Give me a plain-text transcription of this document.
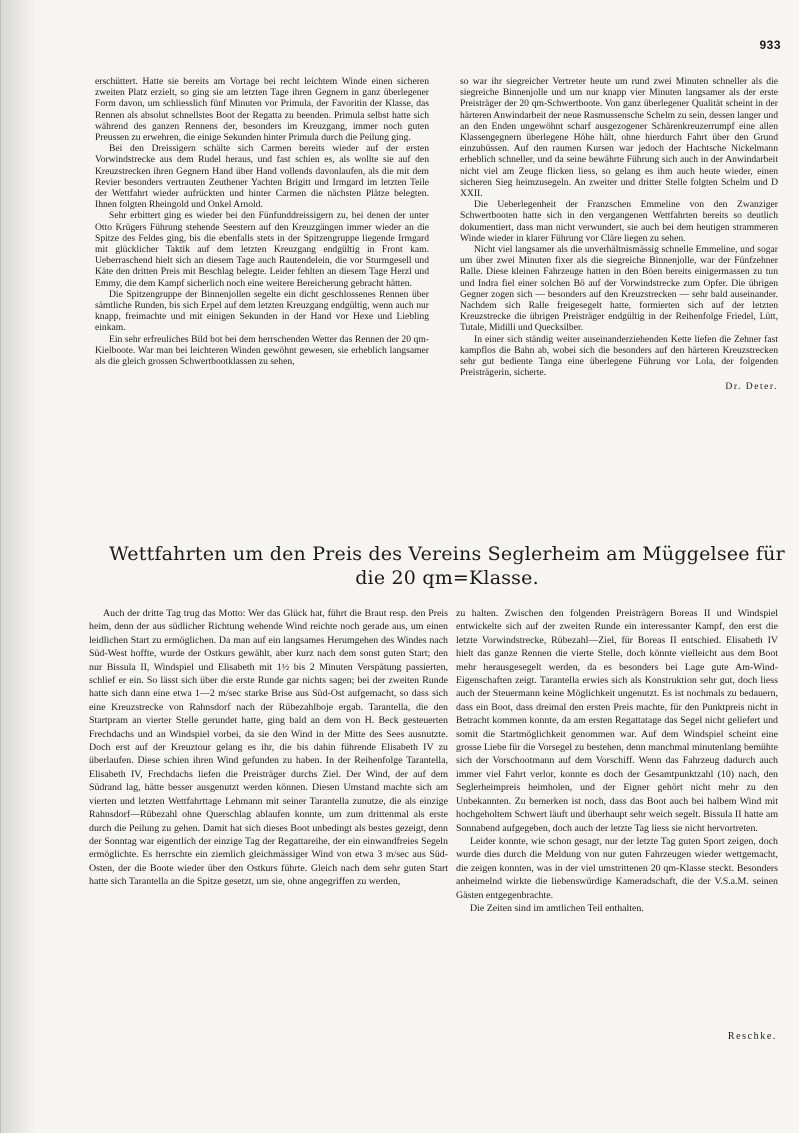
933

erschüttert. Hatte sie bereits am Vortage bei recht leichtem Winde einen sicheren zweiten Platz erzielt, so ging sie am letzten Tage ihren Gegnern in ganz überlegener Form davon, um schliesslich fünf Minuten vor Primula, der Favoritin der Klasse, das Rennen als absolut schnellstes Boot der Regatta zu beenden. Primula selbst hatte sich während des ganzen Rennens der, besonders im Kreuzgang, immer noch guten Preussen zu erwehren, die einige Sekunden hinter Primula durch die Peilung ging.

Bei den Dreissigern schälte sich Carmen bereits wieder auf der ersten Vorwindstrecke aus dem Rudel heraus, und fast schien es, als wollte sie auf den Kreuzstrecken ihren Gegnern Hand über Hand vollends davonlaufen, als die mit dem Revier besonders vertrauten Zeuthener Yachten Brigitt und Irmgard im letzten Teile der Wettfahrt wieder aufrückten und hinter Carmen die nächsten Plätze belegten. Ihnen folgten Rheingold und Onkel Arnold.

Sehr erbittert ging es wieder bei den Fünfunddreissigern zu, bei denen der unter Otto Krügers Führung stehende Seestern auf den Kreuzgängen immer wieder an die Spitze des Feldes ging, bis die ebenfalls stets in der Spitzengruppe liegende Irmgard mit glücklicher Taktik auf dem letzten Kreuzgang endgültig in Front kam. Ueberraschend hielt sich an diesem Tage auch Rautendelein, die vor Sturmgesell und Käte den dritten Preis mit Beschlag belegte. Leider fehlten an diesem Tage Herzl und Emmy, die dem Kampf sicherlich noch eine weitere Bereicherung gebracht hätten.

Die Spitzengruppe der Binnenjollen segelte ein dicht geschlossenes Rennen über sämtliche Runden, bis sich Erpel auf dem letzten Kreuzgang endgültig, wenn auch nur knapp, freimachte und mit einigen Sekunden in der Hand vor Hexe und Liebling einkam.

Ein sehr erfreuliches Bild bot bei dem herrschenden Wetter das Rennen der 20 qm-Kielboote. War man bei leichteren Winden gewöhnt gewesen, sie erheblich langsamer als die gleich grossen Schwertbootklassen zu sehen,

so war ihr siegreicher Vertreter heute um rund zwei Minuten schneller als die siegreiche Binnenjolle und um nur knapp vier Minuten langsamer als der erste Preisträger der 20 qm-Schwertboote. Von ganz überlegener Qualität scheint in der härteren Anwindarbeit der neue Rasmussensche Schelm zu sein, dessen langer und an den Enden ungewöhnt scharf ausgezogener Schärenkreuzerrumpf eine allen Klassengegnern überlegene Höhe hält, ohne hierdurch Fahrt über den Grund einzubüssen. Auf den raumen Kursen war jedoch der Hachtsche Nickelmann erheblich schneller, und da seine bewährte Führung sich auch in der Anwindarbeit nicht viel am Zeuge flicken liess, so gelang es ihm auch heute wieder, einen sicheren Sieg heimzusegeln. An zweiter und dritter Stelle folgten Schelm und D XXII.

Die Ueberlegenheit der Franzschen Emmeline von den Zwanziger Schwertbooten hatte sich in den vergangenen Wettfahrten bereits so deutlich dokumentiert, dass man nicht verwundert, sie auch bei dem heutigen strammeren Winde wieder in klarer Führung vor Cläre liegen zu sehen.

Nicht viel langsamer als die unverhältnismässig schnelle Emmeline, und sogar um über zwei Minuten fixer als die siegreiche Binnenjolle, war der Fünfzehner Ralle. Diese kleinen Fahrzeuge hatten in den Böen bereits einigermassen zu tun und Indra fiel einer solchen Bö auf der Vorwindstrecke zum Opfer. Die übrigen Gegner zogen sich — besonders auf den Kreuzstrecken — sehr bald auseinander. Nachdem sich Ralle freigesegelt hatte, formierten sich auf der letzten Kreuzstrecke die übrigen Preisträger endgültig in der Reihenfolge Friedel, Lütt, Tutale, Midilli und Quecksilber.

In einer sich ständig weiter auseinanderziehenden Kette liefen die Zehner fast kampflos die Bahn ab, wobei sich die besonders auf den härteren Kreuzstrecken sehr gut bediente Tanga eine überlegene Führung vor Lola, der folgenden Preisträgerin, sicherte.

Dr. Deter.
Wettfahrten um den Preis des Vereins Seglerheim am Müggelsee für die 20 qm=Klasse.

Auch der dritte Tag trug das Motto: Wer das Glück hat, führt die Braut resp. den Preis heim, denn der aus südlicher Richtung wehende Wind reichte noch gerade aus, um einen leidlichen Start zu ermöglichen. Da man auf ein langsames Herumgehen des Windes nach Süd-West hoffte, wurde der Ostkurs gewählt, aber kurz nach dem sonst guten Start; den nur Bissula II, Windspiel und Elisabeth mit 1½ bis 2 Minuten Verspätung passierten, schlief er ein. So lässt sich über die erste Runde gar nichts sagen; bei der zweiten Runde hatte sich dann eine etwa 1—2 m/sec starke Brise aus Süd-Ost aufgemacht, so dass sich eine Kreuzstrecke von Rahnsdorf nach der Rübezahlboje ergab. Tarantella, die den Startpram an vierter Stelle gerundet hatte, ging bald an dem von H. Beck gesteuerten Frechdachs und an Windspiel vorbei, da sie den Wind in der Mitte des Sees ausnutzte. Doch erst auf der Kreuztour gelang es ihr, die bis dahin führende Elisabeth IV zu überlaufen. Diese schien ihren Wind gefunden zu haben. In der Reihenfolge Tarantella, Elisabeth IV, Frechdachs liefen die Preisträger durchs Ziel. Der Wind, der auf dem Südrand lag, hätte besser ausgenutzt werden können. Diesen Umstand machte sich am vierten und letzten Wettfahrttage Lehmann mit seiner Tarantella zunutze, die als einzige Rahnsdorf—Rübezahl ohne Querschlag ablaufen konnte, um zum drittenmal als erste durch die Peilung zu gehen. Damit hat sich dieses Boot unbedingt als bestes gezeigt, denn der Sonntag war eigentlich der einzige Tag der Regattareihe, der ein einwandfreies Segeln ermöglichte. Es herrschte ein ziemlich gleichmässiger Wind von etwa 3 m/sec aus Süd-Osten, der die Boote wieder über den Ostkurs führte. Gleich nach dem sehr guten Start hatte sich Tarantella an die Spitze gesetzt, um sie, ohne angegriffen zu werden,

zu halten. Zwischen den folgenden Preisträgern Boreas II und Windspiel entwickelte sich auf der zweiten Runde ein interessanter Kampf, den erst die letzte Vorwindstrecke, Rübezahl—Ziel, für Boreas II entschied. Elisabeth IV hielt das ganze Rennen die vierte Stelle, doch könnte vielleicht aus dem Boot mehr herausgesegelt werden, da es besonders bei Lage gute Am-Wind-Eigenschaften zeigt. Tarantella erwies sich als Konstruktion sehr gut, doch liess auch der Steuermann keine Möglichkeit ungenutzt. Es ist nochmals zu bedauern, dass ein Boot, dass dreimal den ersten Preis machte, für den Punktpreis nicht in Betracht kommen konnte, da am ersten Regattatage das Segel nicht geliefert und somit die Startmöglichkeit genommen war. Auf dem Windspiel scheint eine grosse Liebe für die Vorsegel zu bestehen, denn manchmal minutenlang bemühte sich der Vorschootmann auf dem Vorschiff. Wenn das Fahrzeug dadurch auch immer viel Fahrt verlor, konnte es doch der Gesamtpunktzahl (10) nach, den Seglerheimpreis heimholen, und der Eigner gehört nicht mehr zu den Unbekannten. Zu bemerken ist noch, dass das Boot auch bei halbem Wind mit hochgeholtem Schwert läuft und überhaupt sehr weich segelt. Bissula II hatte am Sonnabend aufgegeben, doch auch der letzte Tag liess sie nicht hervortreten.

Leider konnte, wie schon gesagt, nur der letzte Tag guten Sport zeigen, doch wurde dies durch die Meldung von nur guten Fahrzeugen wieder wettgemacht, die zeigen konnten, was in der viel umstrittenen 20 qm-Klasse steckt. Besonders anheimelnd wirkte die liebenswürdige Kameradschaft, die der V.S.a.M. seinen Gästen entgegenbrachte.

Die Zeiten sind im amtlichen Teil enthalten.

Reschke.
